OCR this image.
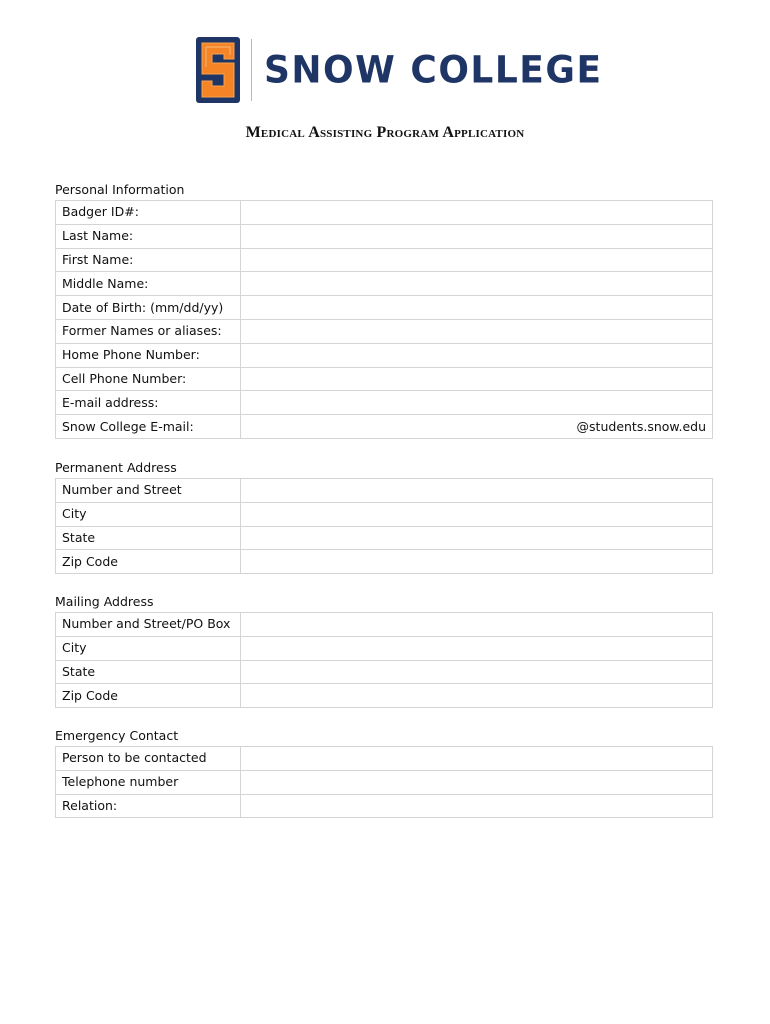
SNOW COLLEGE
Medical Assisting Program Application
Personal Information
Badger ID#:	
Last Name:	
First Name:	
Middle Name:	
Date of Birth: (mm/dd/yy)	
Former Names or aliases:	
Home Phone Number:	
Cell Phone Number:	
E-mail address:	
Snow College E-mail:	@students.snow.edu
Permanent Address
Number and Street	
City	
State	
Zip Code	
Mailing Address
Number and Street/PO Box	
City	
State	
Zip Code	
Emergency Contact
Person to be contacted	
Telephone number	
Relation:	
